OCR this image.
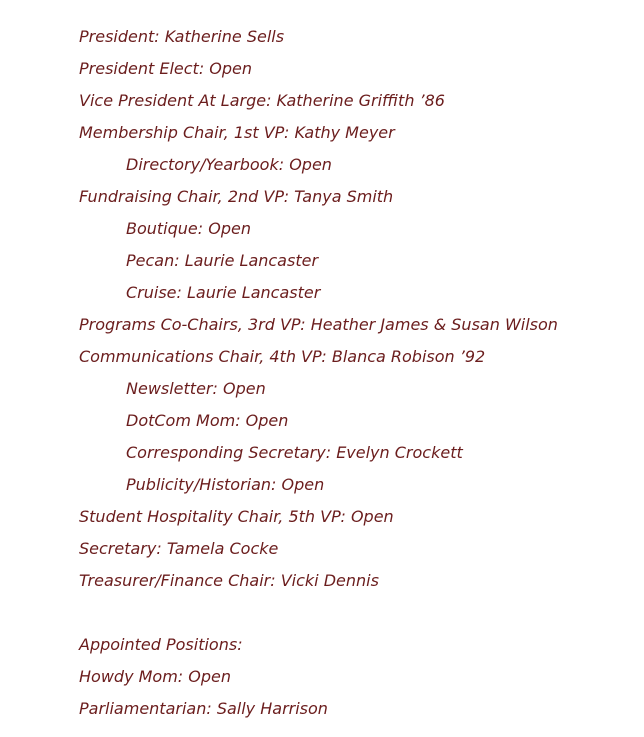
President: Katherine Sells
President Elect: Open
Vice President At Large: Katherine Griffith ’86
Membership Chair, 1st VP: Kathy Meyer
Directory/Yearbook: Open
Fundraising Chair, 2nd VP: Tanya Smith
Boutique: Open
Pecan: Laurie Lancaster
Cruise: Laurie Lancaster
Programs Co-Chairs, 3rd VP: Heather James & Susan Wilson
Communications Chair, 4th VP: Blanca Robison ’92
Newsletter: Open
DotCom Mom: Open
Corresponding Secretary: Evelyn Crockett
Publicity/Historian: Open
Student Hospitality Chair, 5th VP: Open
Secretary: Tamela Cocke
Treasurer/Finance Chair: Vicki Dennis
Appointed Positions:
Howdy Mom: Open
Parliamentarian: Sally Harrison
